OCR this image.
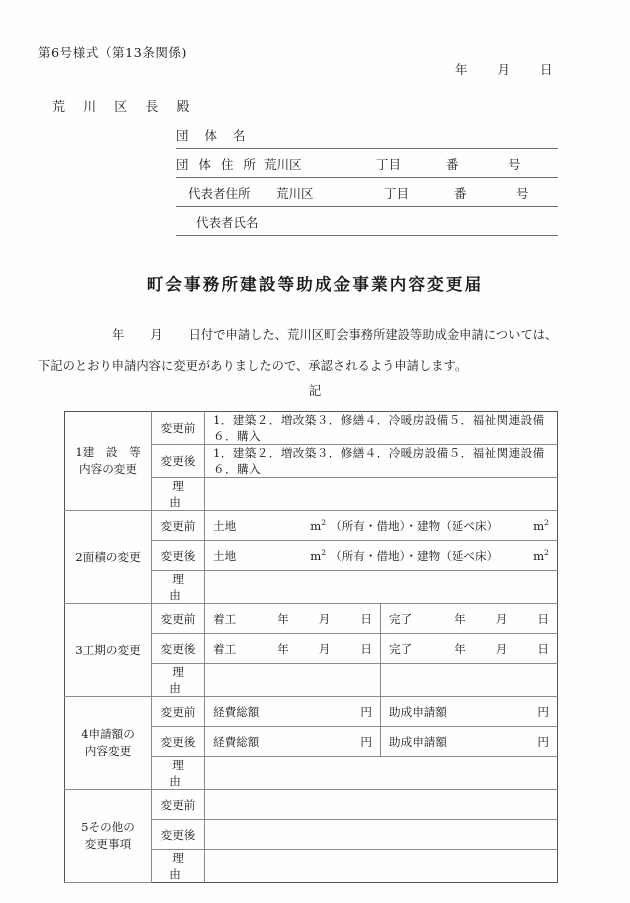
第6号様式（第13条関係)
年 月 日
荒 川 区 長 殿
団 体 名
団 体 住 所 荒川区	丁目	番	号
代表者住所 荒川区	丁目	番	号
代表者氏名
町会事務所建設等助成金事業内容変更届
年 月 日付で申請した、荒川区町会事務所建設等助成金申請については、
下記のとおり申請内容に変更がありましたので、承認されるよう申請します。
記
1建　設　等
内容の変更	変更前	1．建築２．増改築３．修繕４．冷暖房設備５．福祉関連設備６．購入
	変更後	1．建築２．増改築３．修繕４．冷暖房設備５．福祉関連設備６．購入
	理　由	

2面積の変更	変更前	土地 $m^2$ （所有・借地）・建物（延べ床） $m^2$

	変更後	土地 $m^2$ （所有・借地）・建物（延べ床） $m^2$

	理　由	

3工期の変更	変更前	着工 年 月 日 完了 年 月 日

	変更後	着工 年 月 日 完了 年 月 日

	理　由	

4申請額の
内容変更
	変更前	経費総額	円 助成申請額	円

	変更後	経費総額 円 助成申請額 円

	理　由	

5その他の
変更事項	変更前	
	変更後	
	理　由	
